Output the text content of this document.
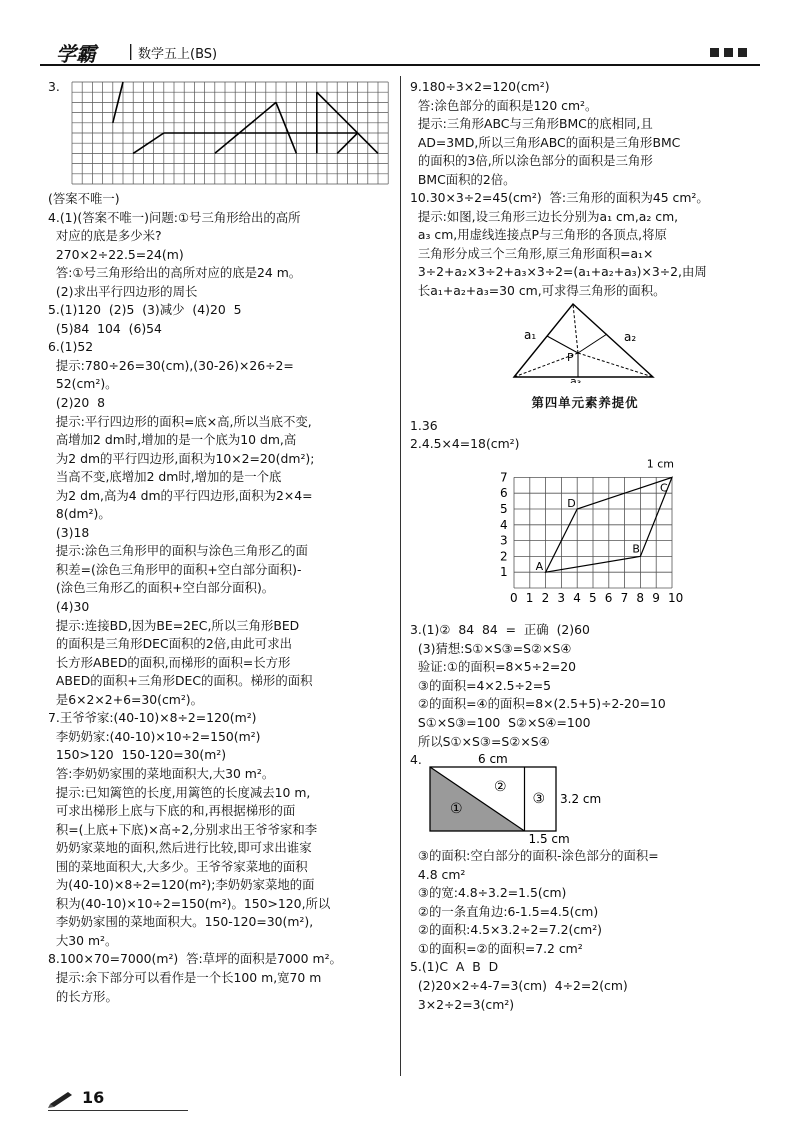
学霸 | 数学五上(BS)
3.
(答案不唯一)
4.(1)(答案不唯一)问题:①号三角形给出的高所
对应的底是多少米?
270×2÷22.5=24(m)
答:①号三角形给出的高所对应的底是24 m。
(2)求出平行四边形的周长
5.(1)120  (2)5  (3)减少  (4)20  5
(5)84  104  (6)54
6.(1)52
提示:780÷26=30(cm),(30-26)×26÷2=
52(cm²)。
(2)20  8
提示:平行四边形的面积=底×高,所以当底不变,
高增加2 dm时,增加的是一个底为10 dm,高
为2 dm的平行四边形,面积为10×2=20(dm²);
当高不变,底增加2 dm时,增加的是一个底
为2 dm,高为4 dm的平行四边形,面积为2×4=
8(dm²)。
(3)18
提示:涂色三角形甲的面积与涂色三角形乙的面
积差=(涂色三角形甲的面积+空白部分面积)-
(涂色三角形乙的面积+空白部分面积)。
(4)30
提示:连接BD,因为BE=2EC,所以三角形BED
的面积是三角形DEC面积的2倍,由此可求出
长方形ABED的面积,而梯形的面积=长方形
ABED的面积+三角形DEC的面积。梯形的面积
是6×2×2+6=30(cm²)。
7.王爷爷家:(40-10)×8÷2=120(m²)
李奶奶家:(40-10)×10÷2=150(m²)
150>120  150-120=30(m²)
答:李奶奶家围的菜地面积大,大30 m²。
提示:已知篱笆的长度,用篱笆的长度减去10 m,
可求出梯形上底与下底的和,再根据梯形的面
积=(上底+下底)×高÷2,分别求出王爷爷家和李
奶奶家菜地的面积,然后进行比较,即可求出谁家
围的菜地面积大,大多少。王爷爷家菜地的面积
为(40-10)×8÷2=120(m²);李奶奶家菜地的面
积为(40-10)×10÷2=150(m²)。150>120,所以
李奶奶家围的菜地面积大。150-120=30(m²),
大30 m²。
8.100×70=7000(m²)  答:草坪的面积是7000 m²。
提示:余下部分可以看作是一个长100 m,宽70 m
的长方形。
9.180÷3×2=120(cm²)
答:涂色部分的面积是120 cm²。
提示:三角形ABC与三角形BMC的底相同,且
AD=3MD,所以三角形ABC的面积是三角形BMC
的面积的3倍,所以涂色部分的面积是三角形
BMC面积的2倍。
10.30×3÷2=45(cm²)  答:三角形的面积为45 cm²。
提示:如图,设三角形三边长分别为a₁ cm,a₂ cm,
a₃ cm,用虚线连接点P与三角形的各顶点,将原
三角形分成三个三角形,原三角形面积=a₁×
3÷2+a₂×3÷2+a₃×3÷2=(a₁+a₂+a₃)×3÷2,由周
长a₁+a₂+a₃=30 cm,可求得三角形的面积。
a₁	a₂
a₃
P
第四单元素养提优
1.36
2.4.5×4=18(cm²)
0 1 2 3 4 5 6 7 8 9 10
1
2
3
4
5
6
7
A
B
C
D
1 cm
3.(1)②  84  84  =  正确  (2)60
(3)猜想:S①×S③=S②×S④
验证:①的面积=8×5÷2=20
③的面积=4×2.5÷2=5
②的面积=④的面积=8×(2.5+5)÷2-20=10
S①×S③=100  S②×S④=100
所以S①×S③=S②×S④
4.	6 cm
3.2 cm
1.5 cm
①
②
③
③的面积:空白部分的面积-涂色部分的面积=
4.8 cm²
③的宽:4.8÷3.2=1.5(cm)
②的一条直角边:6-1.5=4.5(cm)
②的面积:4.5×3.2÷2=7.2(cm²)
①的面积=②的面积=7.2 cm²
5.(1)C  A  B  D
(2)20×2÷4-7=3(cm)  4÷2=2(cm)
3×2÷2=3(cm²)
16
